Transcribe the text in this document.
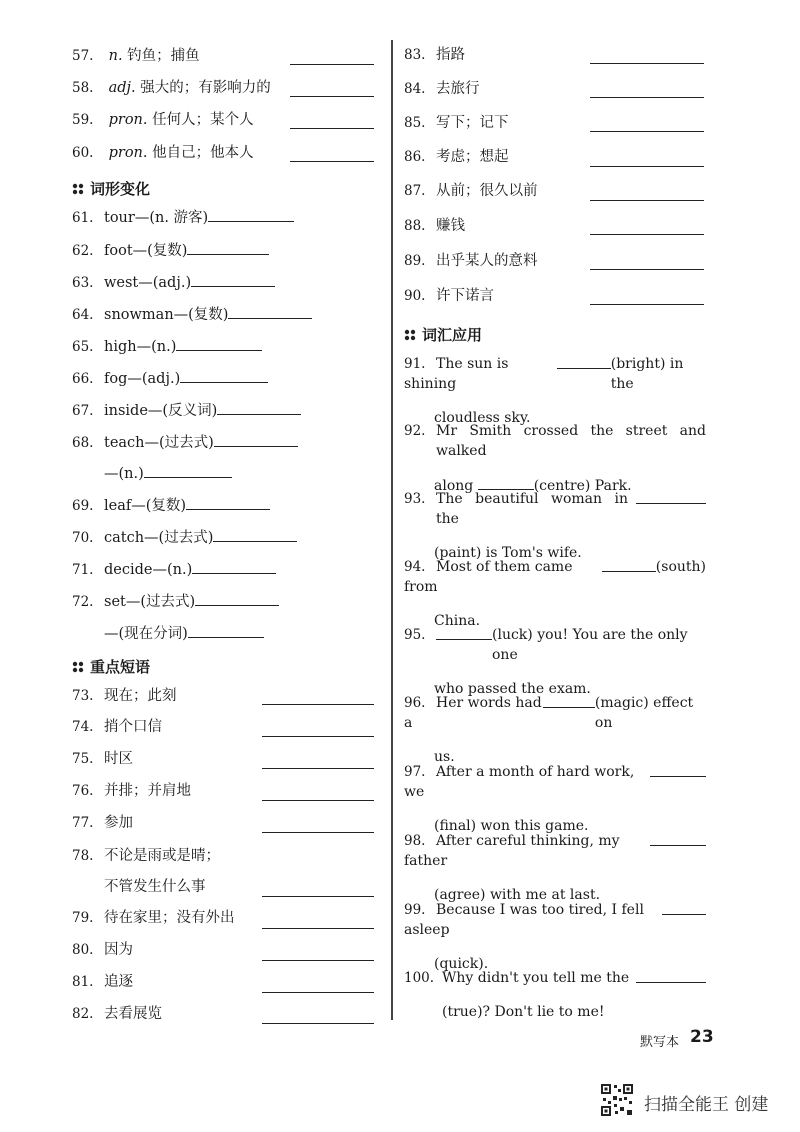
57. n. 钓鱼；捕鱼
58. adj. 强大的；有影响力的
59. pron. 任何人；某个人
60. pron. 他自己；他本人
词形变化
61. tour—(n. 游客)
62. foot—(复数)
63. west—(adj.)
64. snowman—(复数)
65. high—(n.)
66. fog—(adj.)
67. inside—(反义词)
68. teach—(过去式)
—(n.)
69. leaf—(复数)
70. catch—(过去式)
71. decide—(n.)
72. set—(过去式)
—(现在分词)
重点短语
73. 现在；此刻
74. 捎个口信
75. 时区
76. 并排；并肩地
77. 参加
78. 不论是雨或是晴；
不管发生什么事
79. 待在家里；没有外出
80. 因为
81. 追逐
82. 去看展览
83. 指路
84. 去旅行
85. 写下；记下
86. 考虑；想起
87. 从前；很久以前
88. 赚钱
89. 出乎某人的意料
90. 许下诺言
词汇应用
91. The sun is shining
(bright) in the
cloudless sky.
92. Mr Smith crossed the street and walked
along	(centre) Park.
93. The beautiful woman in the
(paint) is Tom's wife.
94. Most of them came from
(south)
China.
95.	(luck) you! You are the only one
who passed the exam.
96. Her words had a
(magic) effect on
us.
97. After a month of hard work, we
(final) won this game.
98. After careful thinking, my father
(agree) with me at last.
99. Because I was too tired, I fell asleep
(quick).
100. Why didn't you tell me the
(true)? Don't lie to me!
默写本 23
扫描全能王 创建
